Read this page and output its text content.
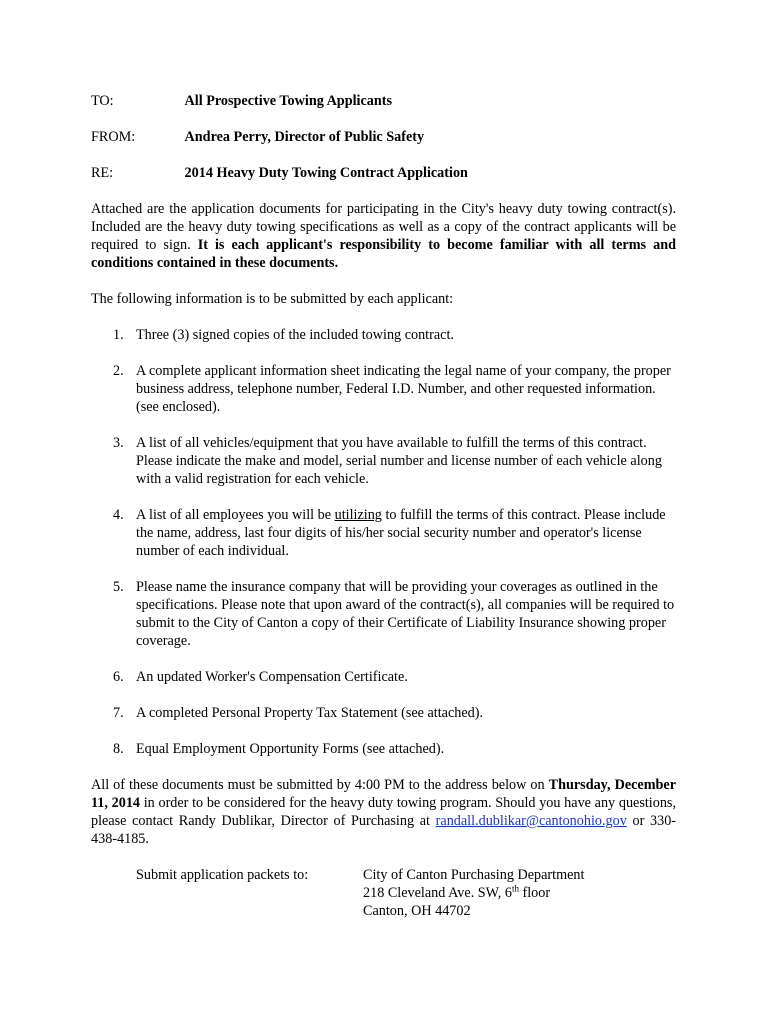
TO:	All Prospective Towing Applicants
FROM:	Andrea Perry, Director of Public Safety
RE:	2014 Heavy Duty Towing Contract Application

Attached are the application documents for participating in the City's heavy duty towing contract(s). Included are the heavy duty towing specifications as well as a copy of the contract applicants will be required to sign. It is each applicant's responsibility to become familiar with all terms and conditions contained in these documents.

The following information is to be submitted by each applicant:

1. Three (3) signed copies of the included towing contract.
2. A complete applicant information sheet indicating the legal name of your company, the proper business address, telephone number, Federal I.D. Number, and other requested information. (see enclosed).
3. A list of all vehicles/equipment that you have available to fulfill the terms of this contract. Please indicate the make and model, serial number and license number of each vehicle along with a valid registration for each vehicle.
4. A list of all employees you will be utilizing to fulfill the terms of this contract. Please include the name, address, last four digits of his/her social security number and operator's license number of each individual.
5. Please name the insurance company that will be providing your coverages as outlined in the specifications. Please note that upon award of the contract(s), all companies will be required to submit to the City of Canton a copy of their Certificate of Liability Insurance showing proper coverage.
6. An updated Worker's Compensation Certificate.
7. A completed Personal Property Tax Statement (see attached).
8. Equal Employment Opportunity Forms (see attached).

All of these documents must be submitted by 4:00 PM to the address below on Thursday, December 11, 2014 in order to be considered for the heavy duty towing program. Should you have any questions, please contact Randy Dublikar, Director of Purchasing at randall.dublikar@cantonohio.gov or 330-438-4185.

Submit application packets to:	City of Canton Purchasing Department
218 Cleveland Ave. SW, 6th floor
Canton, OH 44702
